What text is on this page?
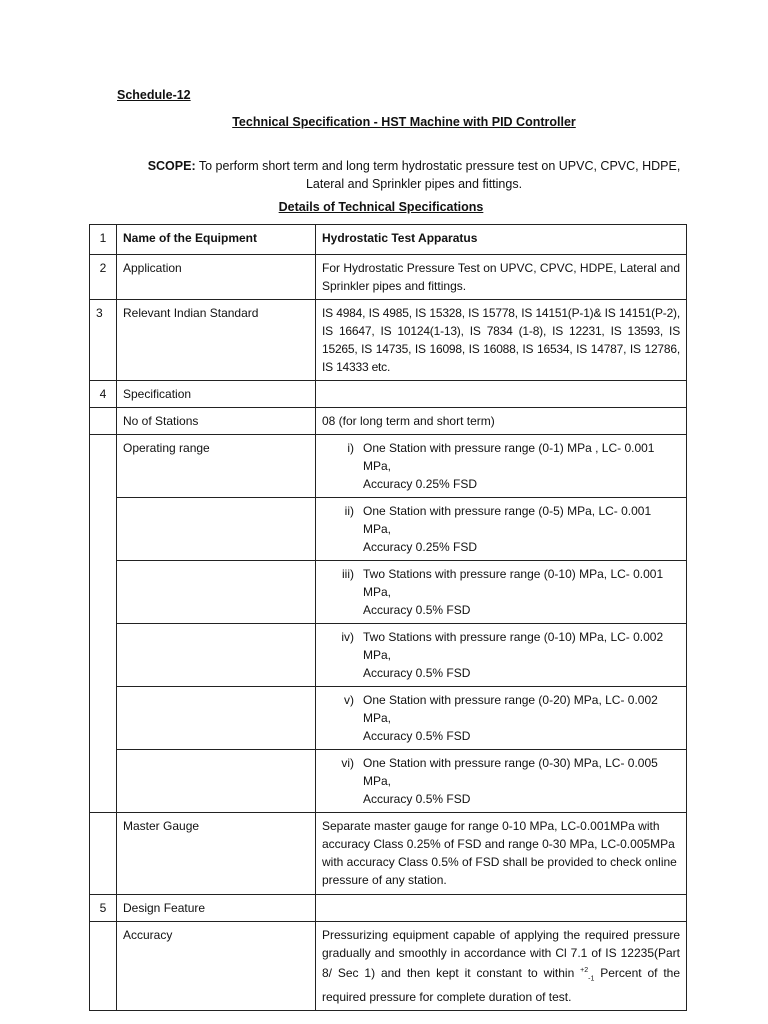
Schedule-12
Technical Specification - HST Machine with PID Controller
SCOPE: To perform short term and long term hydrostatic pressure test on UPVC, CPVC, HDPE,
Lateral and Sprinkler pipes and fittings.
Details of Technical Specifications
1	Name of the Equipment	Hydrostatic Test Apparatus
2	Application	For Hydrostatic Pressure Test on UPVC, CPVC, HDPE, Lateral and Sprinkler pipes and fittings.
3	Relevant Indian Standard	IS 4984, IS 4985, IS 15328, IS 15778, IS 14151(P-1)& IS 14151(P-2), IS 16647, IS 10124(1-13), IS 7834 (1-8), IS 12231, IS 13593, IS 15265, IS 14735, IS 16098, IS 16088, IS 16534, IS 14787, IS 12786, IS 14333 etc.
4	Specification	
	No of Stations	08 (for long term and short term)
	Operating range	i) One Station with pressure range (0-1) MPa , LC- 0.001 MPa,
Accuracy 0.25% FSD

		ii) One Station with pressure range (0-5) MPa, LC- 0.001 MPa,
Accuracy 0.25% FSD

		iii) Two Stations with pressure range (0-10) MPa, LC- 0.001 MPa,
Accuracy 0.5% FSD

		iv) Two Stations with pressure range (0-10) MPa, LC- 0.002 MPa,
Accuracy 0.5% FSD

		v) One Station with pressure range (0-20) MPa, LC- 0.002 MPa,
Accuracy 0.5% FSD

		vi) One Station with pressure range (0-30) MPa, LC- 0.005 MPa,
Accuracy 0.5% FSD

	Master Gauge	Separate master gauge for range 0-10 MPa, LC-0.001MPa with accuracy Class 0.25% of FSD and range 0-30 MPa, LC-0.005MPa with accuracy Class 0.5% of FSD shall be provided to check online pressure of any station.
5	Design Feature	
	Accuracy	Pressurizing equipment capable of applying the required pressure gradually and smoothly in accordance with Cl 7.1 of IS 12235(Part 8/ Sec 1) and then kept it constant to within $^{+2}_{-1}$ Percent of the required pressure for complete duration of test.
